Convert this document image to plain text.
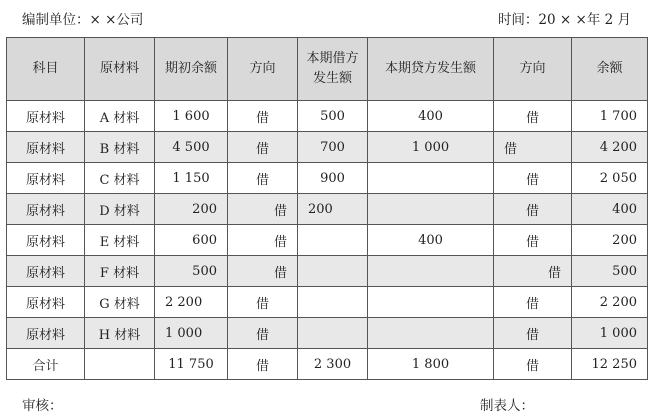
编制单位：× ×公司	时间：20 × ×年 2 月
科目	原材料	期初余额	方向	本期借方发生额	本期贷方发生额	方向	余额
原材料	A 材料	1 600	借	500	400	借	1 700
原材料	B 材料	4 500	借	700	1 000	借	4 200
原材料	C 材料	1 150	借	900		借	2 050
原材料	D 材料	200	借	200		借	400
原材料	E 材料	600	借		400	借	200
原材料	F 材料	500	借			借	500
原材料	G 材料	2 200	借			借	2 200
原材料	H 材料	1 000	借			借	1 000
合计		11 750	借	2 300	1 800	借	12 250
审核：	制表人：
